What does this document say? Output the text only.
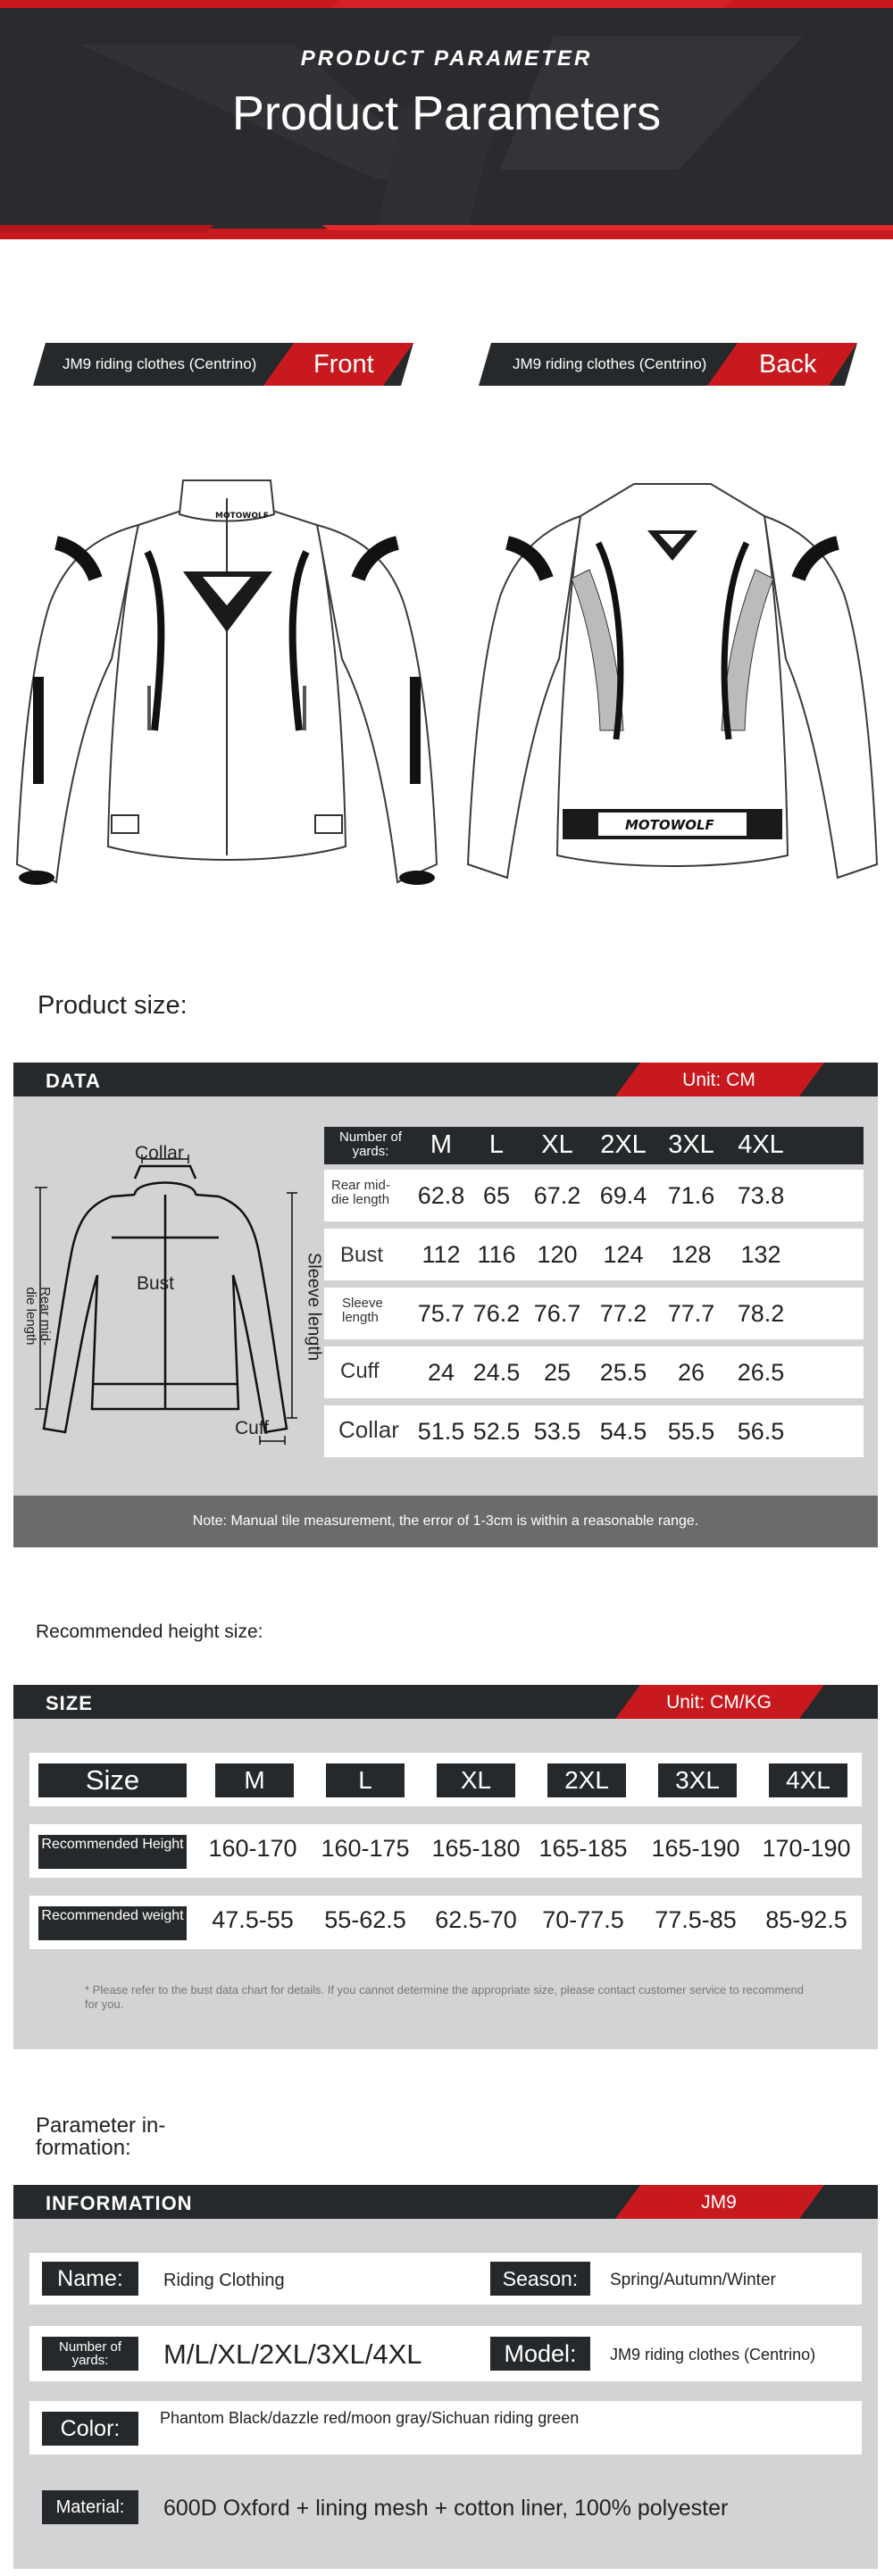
PRODUCT PARAMETER
Product Parameters
JM9 riding clothes (Centrino) Front	JM9 riding clothes (Centrino) Back
MOTOWOLF
MOTOWOLF
Product size:
DATA	Unit: CM
Collar
Bust
Rear mid-
die length	Sleeve length
Cuff
Number of yards:	M	L	XL	2XL 3XL 4XL
Rear mid-die length	62.8 65 67.2 69.4 71.6 73.8
Bust	112 116 120	124	128	132
Sleeve length	75.7 76.2 76.7 77.2 77.7 78.2
Cuff	24 24.5 25	25.5	26	26.5
Collar 51.5 52.5 53.5 54.5 55.5 56.5
Note: Manual tile measurement, the error of 1-3cm is within a reasonable range.
Recommended height size:
SIZE	Unit: CM/KG
Size	M	L	XL	2XL	3XL	4XL
Recommended Height	160-170 160-175 165-180 165-185 165-190 170-190
Recommended weight	47.5-55	55-62.5	62.5-70	70-77.5	77.5-85	85-92.5
* Please refer to the bust data chart for details. If you cannot determine the appropriate size, please contact customer service to recommend for you.
Parameter in-
formation:
INFORMATION	JM9
Name:	Riding Clothing	Season:	Spring/Autumn/Winter
Number of yards:	M/L/XL/2XL/3XL/4XL	Model:	JM9 riding clothes (Centrino)
Color:	Phantom Black/dazzle red/moon gray/Sichuan riding green
Material:	600D Oxford + lining mesh + cotton liner, 100% polyester
